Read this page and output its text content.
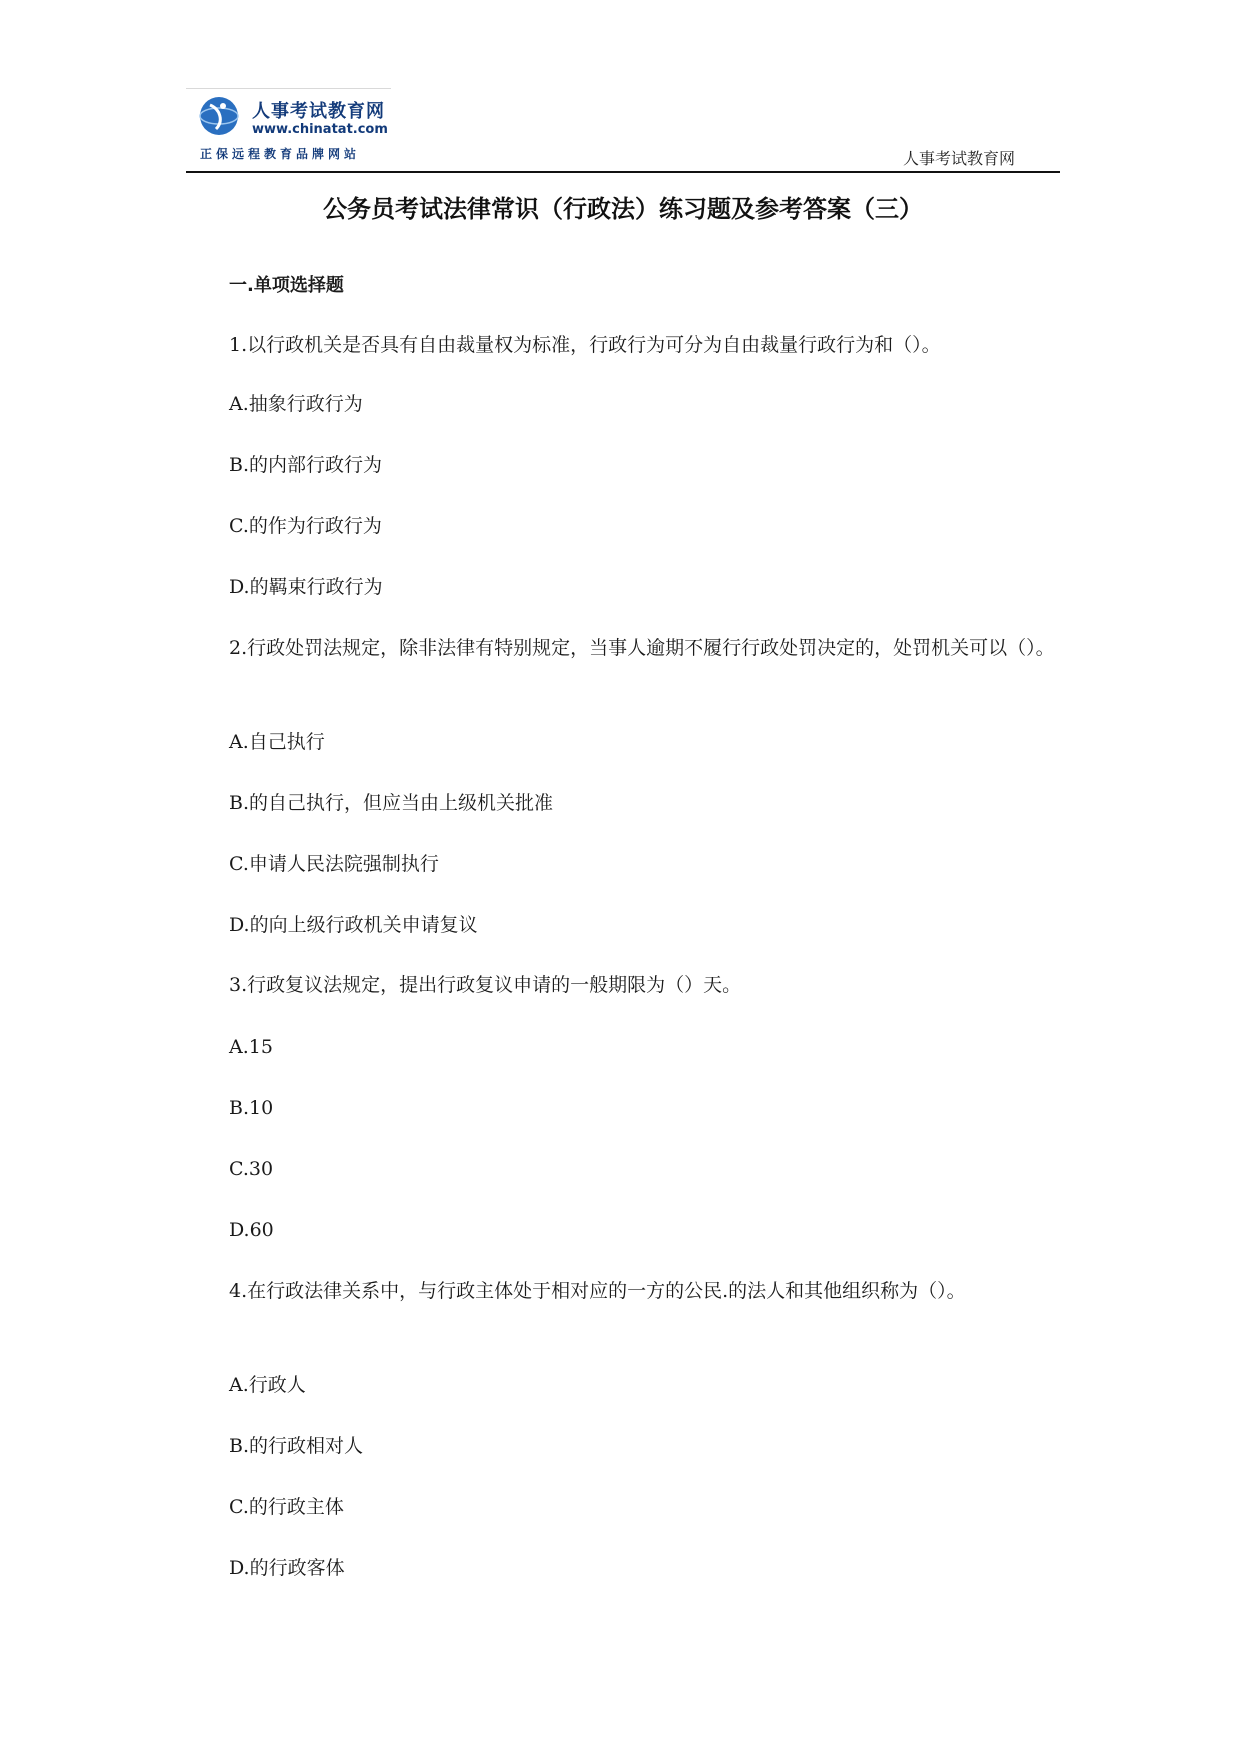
人事考试教育网
www.chinatat.com
正保远程教育品牌网站	人事考试教育网
公务员考试法律常识（行政法）练习题及参考答案（三）
一.单项选择题
1.以行政机关是否具有自由裁量权为标准，行政行为可分为自由裁量行政行为和（）。
A.抽象行政行为
B.的内部行政行为
C.的作为行政行为
D.的羁束行政行为
2.行政处罚法规定，除非法律有特别规定，当事人逾期不履行行政处罚决定的，处罚机关可以（）。
A.自己执行
B.的自己执行，但应当由上级机关批准
C.申请人民法院强制执行
D.的向上级行政机关申请复议
3.行政复议法规定，提出行政复议申请的一般期限为（）天。
A.15
B.10
C.30
D.60
4.在行政法律关系中，与行政主体处于相对应的一方的公民.的法人和其他组织称为（）。
A.行政人
B.的行政相对人
C.的行政主体
D.的行政客体
